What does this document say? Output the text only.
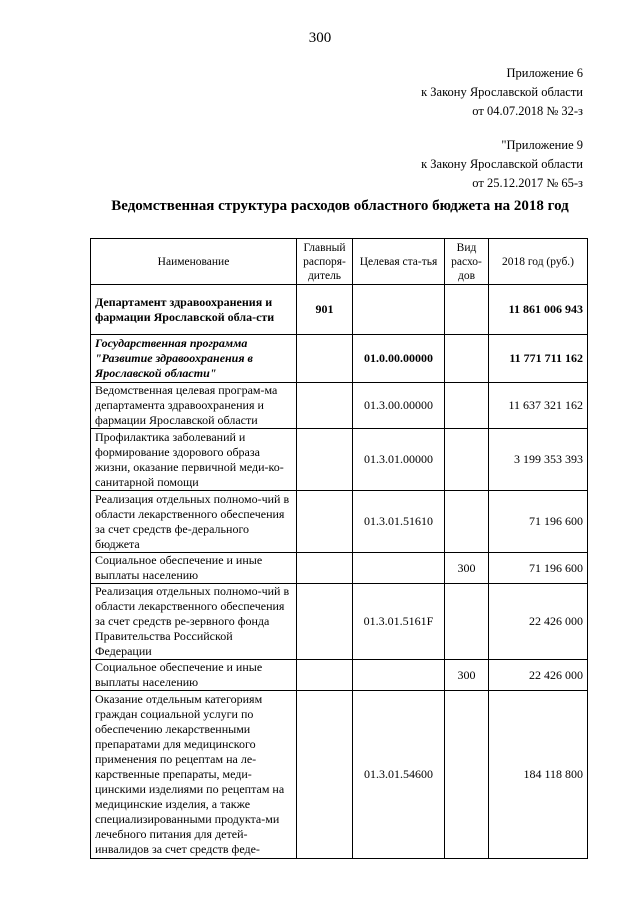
300
Приложение 6
к Закону Ярославской области
от 04.07.2018 № 32-з
"Приложение 9
к Закону Ярославской области
от 25.12.2017 № 65-з
Ведомственная структура расходов областного бюджета на 2018 год
Наименование	Главный распоря-дитель	Целевая ста-тья	Вид расхо-дов	2018 год (руб.)
Департамент здравоохранения и фармации Ярославской обла-сти	901			11 861 006 943
Государственная программа "Развитие здравоохранения в Ярославской области"		01.0.00.00000		11 771 711 162
Ведомственная целевая програм-ма департамента здравоохранения и фармации Ярославской области		01.3.00.00000		11 637 321 162
Профилактика заболеваний и формирование здорового образа жизни, оказание первичной меди-ко-санитарной помощи		01.3.01.00000		3 199 353 393
Реализация отдельных полномо-чий в области лекарственного обеспечения за счет средств фе-дерального бюджета		01.3.01.51610		71 196 600
Социальное обеспечение и иные выплаты населению			300	71 196 600
Реализация отдельных полномо-чий в области лекарственного обеспечения за счет средств ре-зервного фонда Правительства Российской Федерации		01.3.01.5161F		22 426 000
Социальное обеспечение и иные выплаты населению			300	22 426 000
Оказание отдельным категориям граждан социальной услуги по обеспечению лекарственными препаратами для медицинского применения по рецептам на ле-карственные препараты, меди-цинскими изделиями по рецептам на медицинские изделия, а также специализированными продукта-ми лечебного питания для детей-инвалидов за счет средств феде-		01.3.01.54600		184 118 800
